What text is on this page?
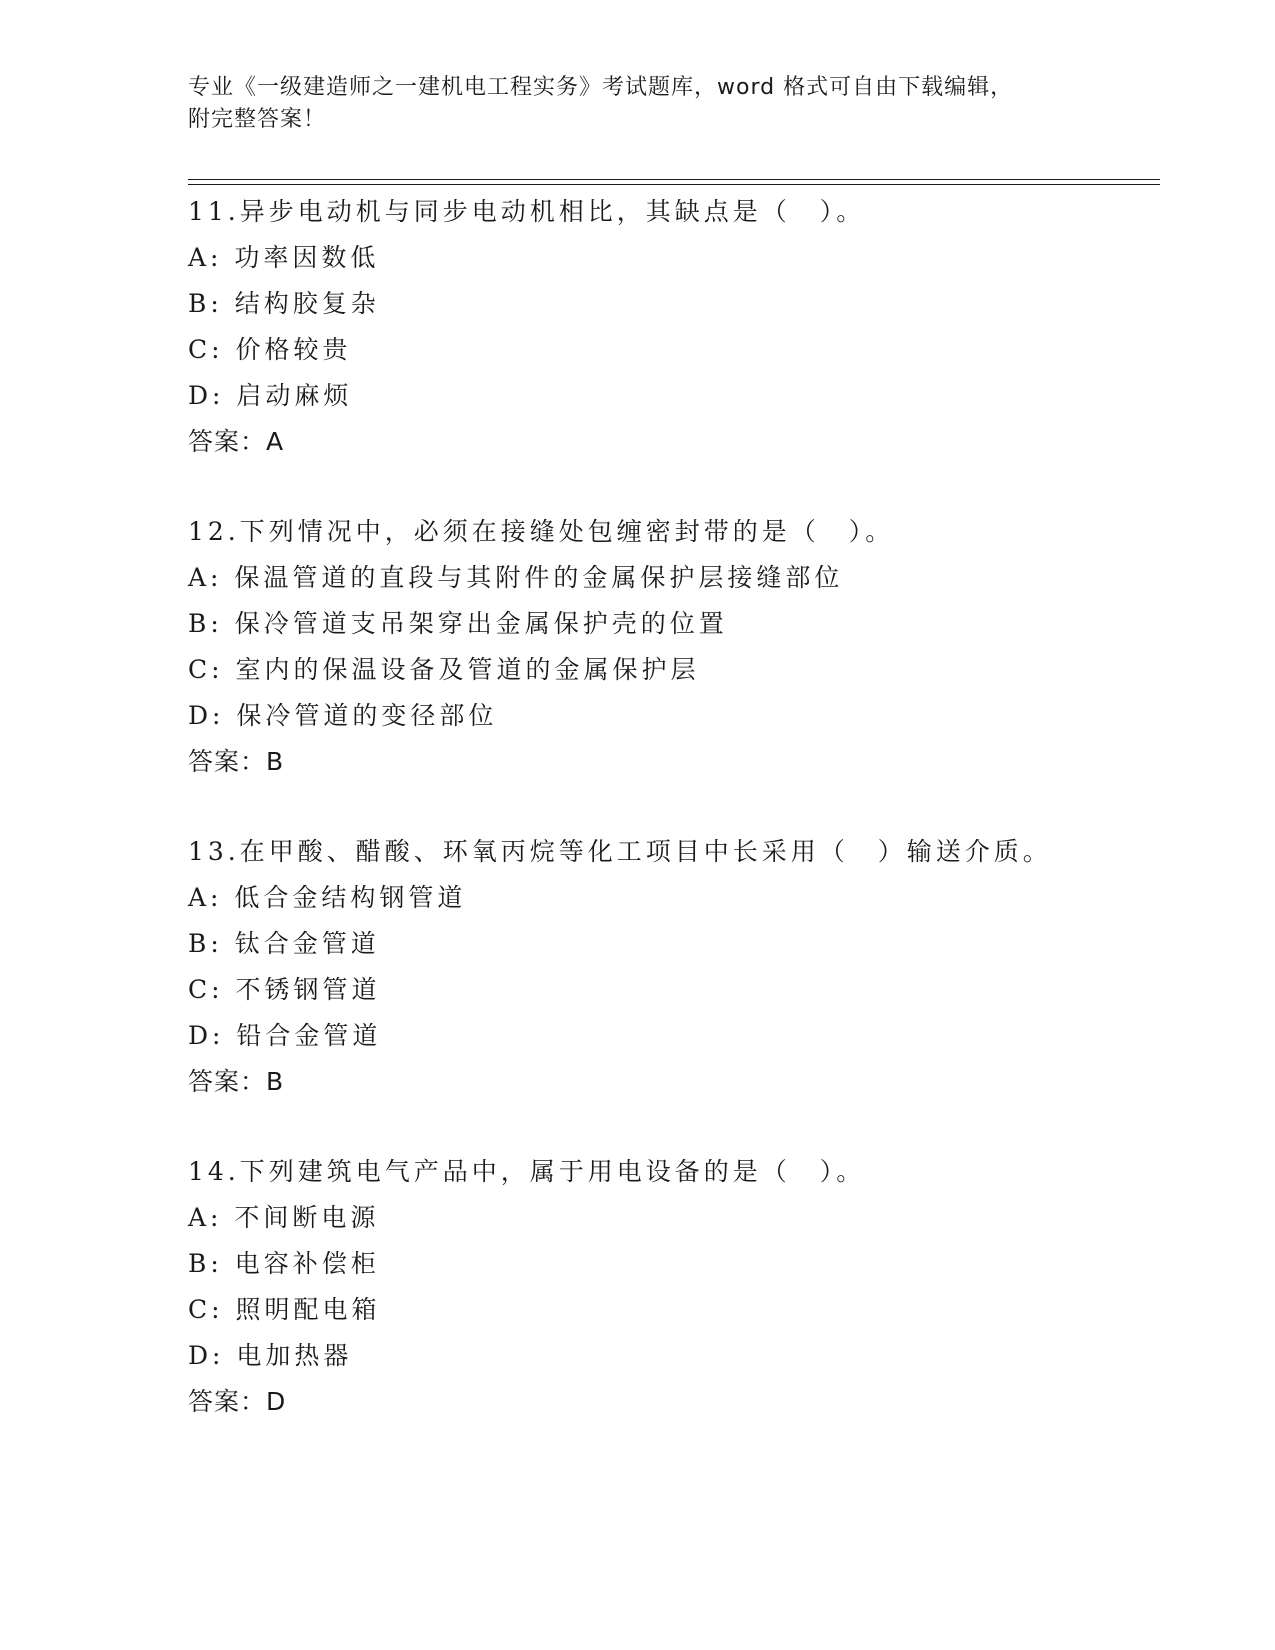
专业《一级建造师之一建机电工程实务》考试题库，word 格式可自由下载编辑，
附完整答案！
11.异步电动机与同步电动机相比，其缺点是（　）。
A: 功率因数低
B: 结构胶复杂
C: 价格较贵
D: 启动麻烦
答案：A
12.下列情况中，必须在接缝处包缠密封带的是（　）。
A: 保温管道的直段与其附件的金属保护层接缝部位
B: 保冷管道支吊架穿出金属保护壳的位置
C: 室内的保温设备及管道的金属保护层
D: 保冷管道的变径部位
答案：B
13.在甲酸、醋酸、环氧丙烷等化工项目中长采用（　）输送介质。
A: 低合金结构钢管道
B: 钛合金管道
C: 不锈钢管道
D: 铅合金管道
答案：B
14.下列建筑电气产品中，属于用电设备的是（　）。
A: 不间断电源
B: 电容补偿柜
C: 照明配电箱
D: 电加热器
答案：D
